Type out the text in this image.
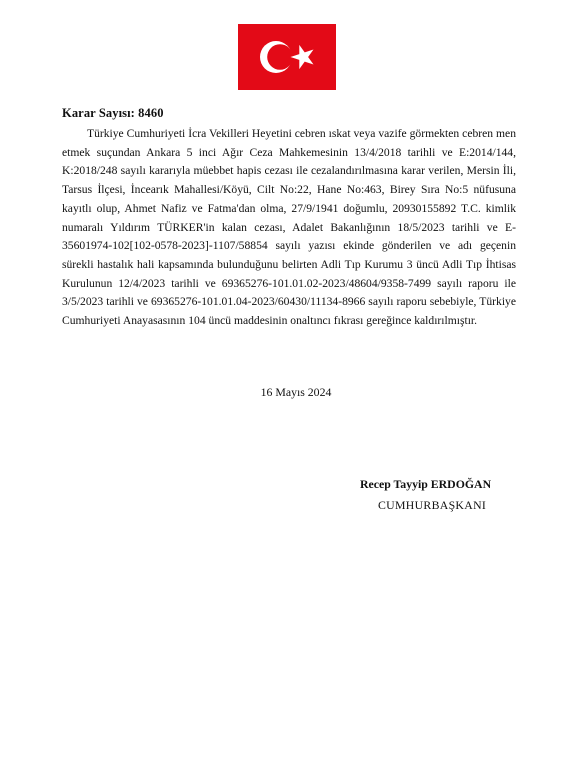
Karar Sayısı: 8460

Türkiye Cumhuriyeti İcra Vekilleri Heyetini cebren ıskat veya vazife görmekten cebren men etmek suçundan Ankara 5 inci Ağır Ceza Mahkemesinin 13/4/2018 tarihli ve E:2014/144, K:2018/248 sayılı kararıyla müebbet hapis cezası ile cezalandırılmasına karar verilen, Mersin İli, Tarsus İlçesi, İncearık Mahallesi/Köyü, Cilt No:22, Hane No:463, Birey Sıra No:5 nüfusuna kayıtlı olup, Ahmet Nafiz ve Fatma'dan olma, 27/9/1941 doğumlu, 20930155892 T.C. kimlik numaralı Yıldırım TÜRKER'in kalan cezası, Adalet Bakanlığının 18/5/2023 tarihli ve E-35601974-102[102-0578-2023]-1107/58854 sayılı yazısı ekinde gönderilen ve adı geçenin sürekli hastalık hali kapsamında bulunduğunu belirten Adli Tıp Kurumu 3 üncü Adli Tıp İhtisas Kurulunun 12/4/2023 tarihli ve 69365276-101.01.02-2023/48604/9358-7499 sayılı raporu ile 3/5/2023 tarihli ve 69365276-101.01.04-2023/60430/11134-8966 sayılı raporu sebebiyle, Türkiye Cumhuriyeti Anayasasının 104 üncü maddesinin onaltıncı fıkrası gereğince kaldırılmıştır.

16 Mayıs 2024
Recep Tayyip ERDOĞAN
CUMHURBAŞKANI
